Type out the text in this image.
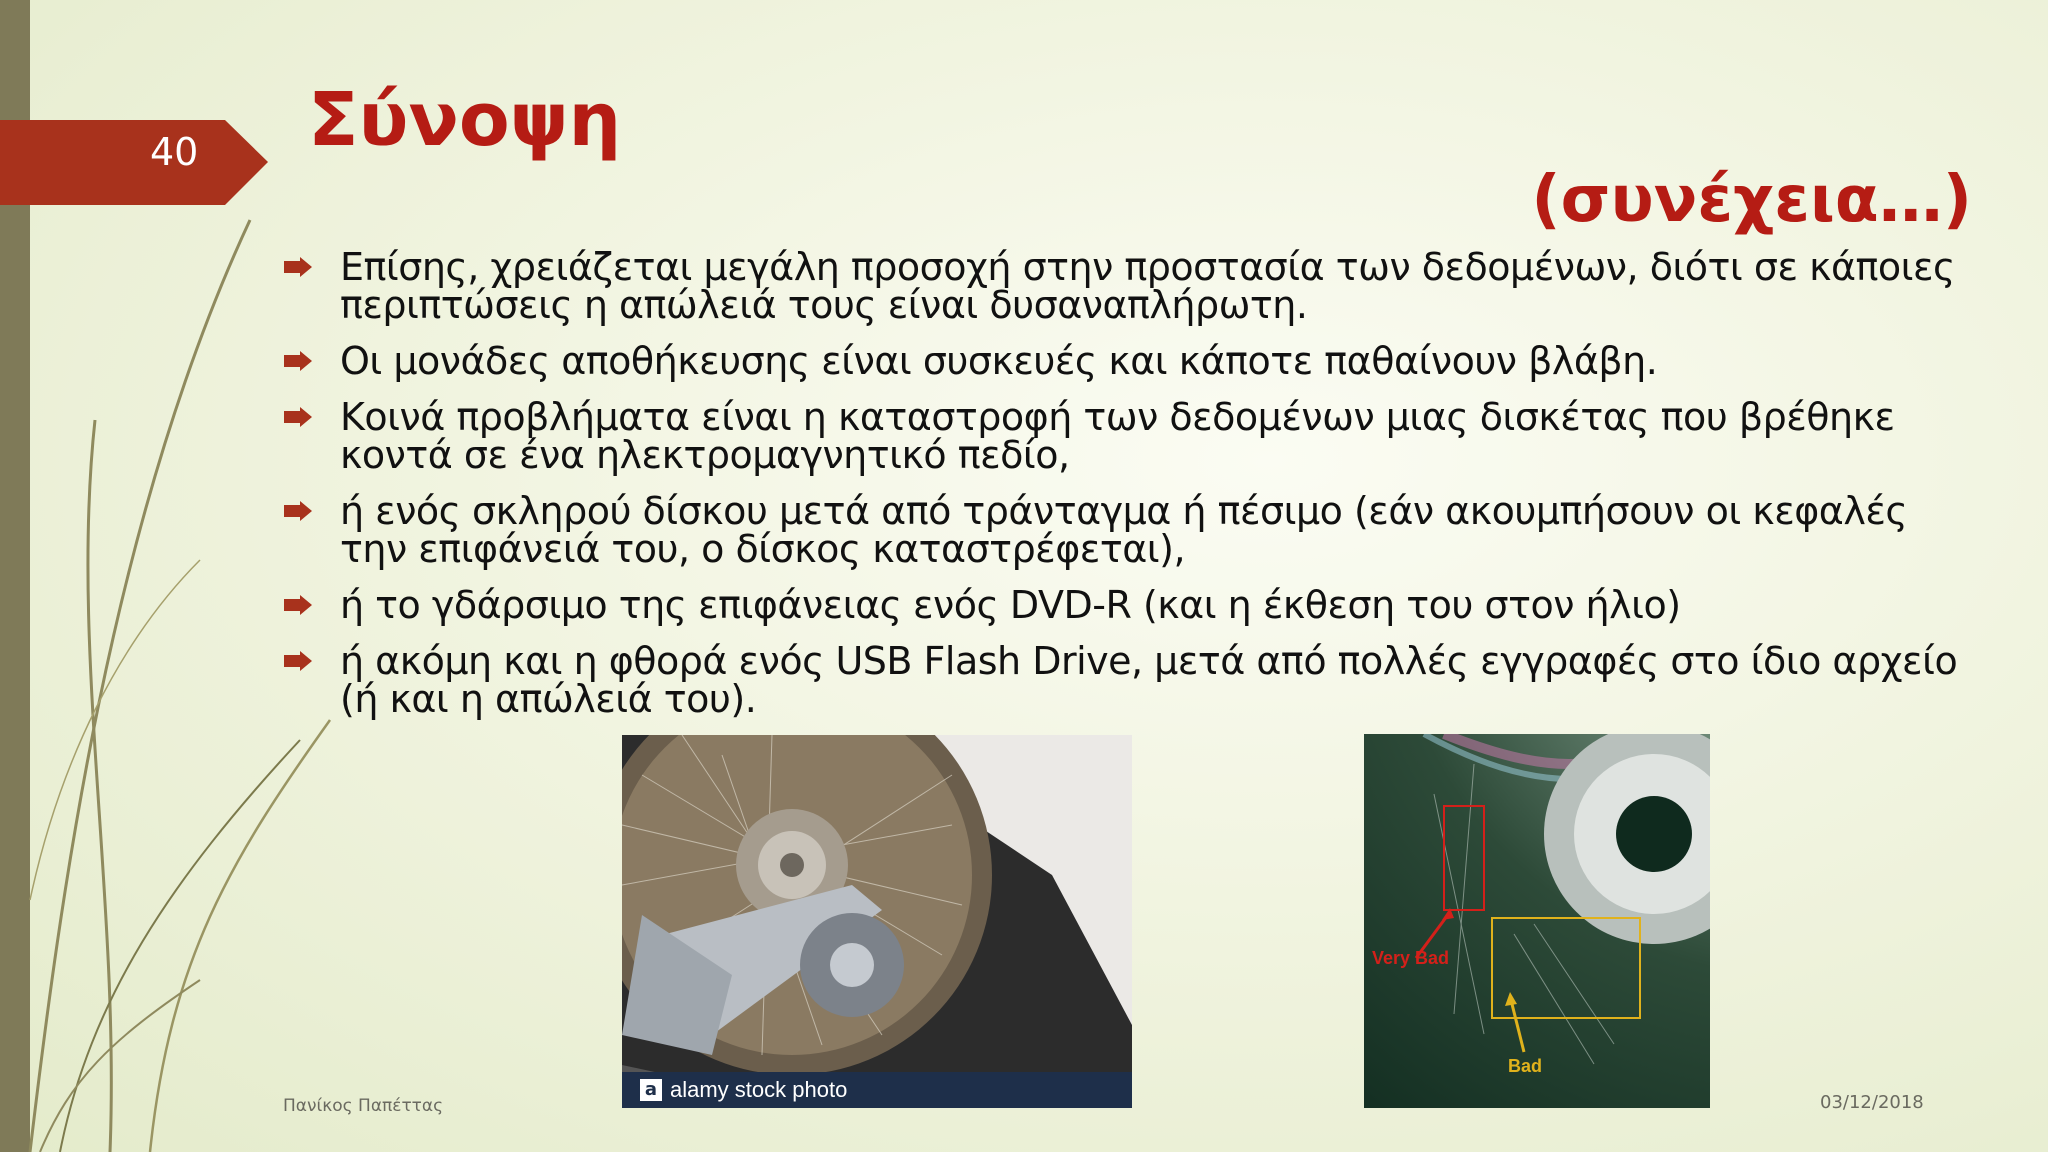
40 Σύνοψη
(συνέχεια…)
Επίσης, χρειάζεται μεγάλη προσοχή στην προστασία των δεδομένων, διότι σε κάποιες περιπτώσεις η απώλειά τους είναι δυσαναπλήρωτη.
Οι μονάδες αποθήκευσης είναι συσκευές και κάποτε παθαίνουν βλάβη.
Κοινά προβλήματα είναι η καταστροφή των δεδομένων μιας δισκέτας που βρέθηκε κοντά σε ένα ηλεκτρομαγνητικό πεδίο,
ή ενός σκληρού δίσκου μετά από τράνταγμα ή πέσιμο (εάν ακουμπήσουν οι κεφαλές την επιφάνειά του, ο δίσκος καταστρέφεται),
ή το γδάρσιμο της επιφάνειας ενός DVD-R (και η έκθεση του στον ήλιο)
ή ακόμη και η φθορά ενός USB Flash Drive, μετά από πολλές εγγραφές στο ίδιο αρχείο (ή και η απώλειά του).
a alamy stock photo
Very Bad
Bad
Πανίκος Παπέττας	03/12/2018
